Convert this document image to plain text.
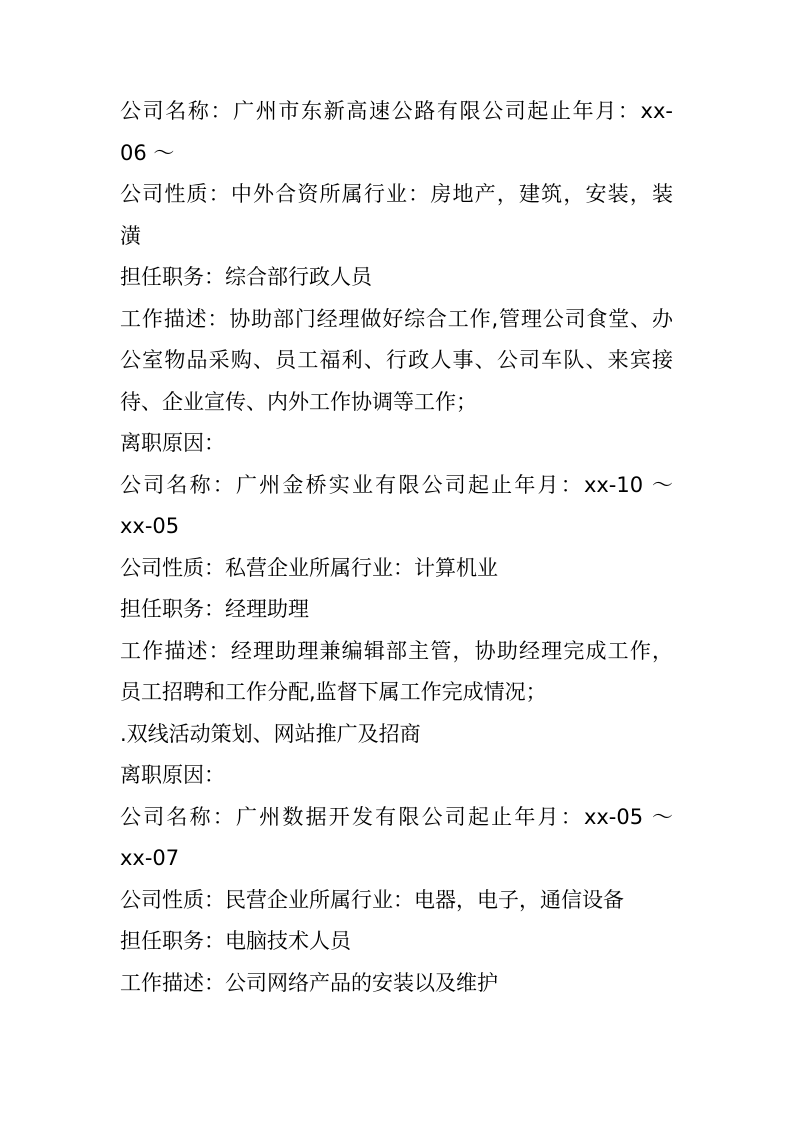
公司名称：广州市东新高速公路有限公司起止年月：xx-
06 ～
公司性质：中外合资所属行业：房地产，建筑，安装，装
潢
担任职务：综合部行政人员
工作描述：协助部门经理做好综合工作,管理公司食堂、办
公室物品采购、员工福利、行政人事、公司车队、来宾接
待、企业宣传、内外工作协调等工作；
离职原因：
公司名称：广州金桥实业有限公司起止年月：xx-10 ～
xx-05
公司性质：私营企业所属行业：计算机业
担任职务：经理助理
工作描述：经理助理兼编辑部主管，协助经理完成工作，
员工招聘和工作分配,监督下属工作完成情况；
.双线活动策划、网站推广及招商
离职原因：
公司名称：广州数据开发有限公司起止年月：xx-05 ～
xx-07
公司性质：民营企业所属行业：电器，电子，通信设备
担任职务：电脑技术人员
工作描述：公司网络产品的安装以及维护
